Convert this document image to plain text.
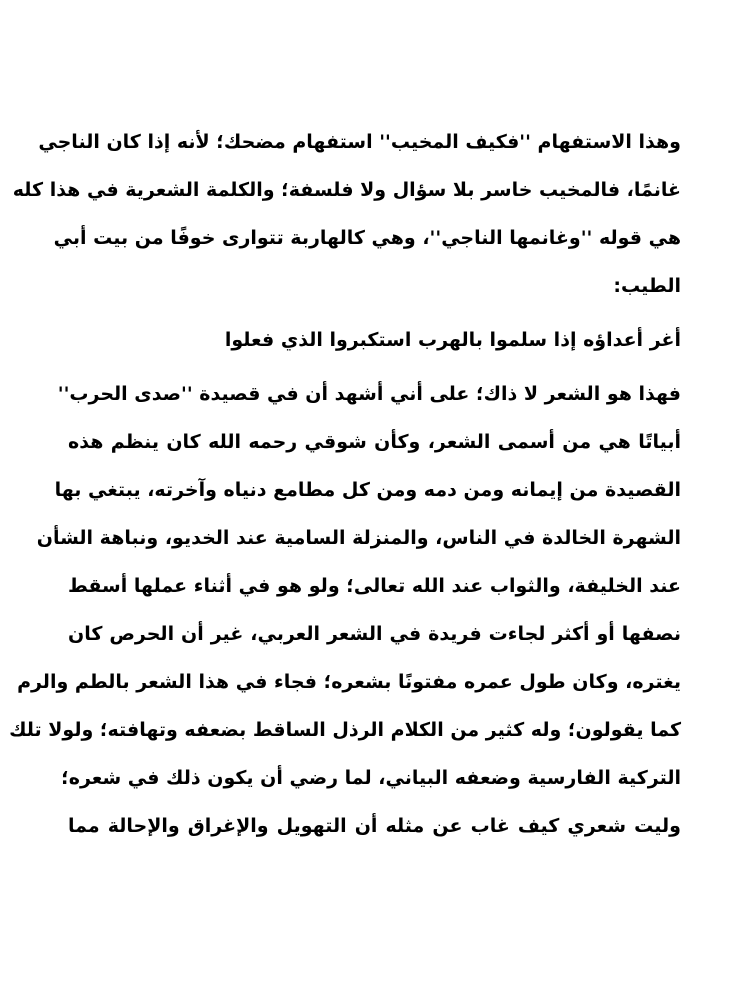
وهذا الاستفهام ''فكيف المخيب'' استفهام مضحك؛ لأنه إذا كان الناجي
غانمًا، فالمخيب خاسر بلا سؤال ولا فلسفة؛ والكلمة الشعرية في هذا كله
هي قوله ''وغانمها الناجي''، وهي كالهاربة تتوارى خوفًا من بيت أبي
الطيب:
أغر أعداؤه إذا سلموا بالهرب استكبروا الذي فعلوا
فهذا هو الشعر لا ذاك؛ على أني أشهد أن في قصيدة ''صدى الحرب''
أبياتًا هي من أسمى الشعر، وكأن شوقي رحمه الله كان ينظم هذه
القصيدة من إيمانه ومن دمه ومن كل مطامع دنياه وآخرته، يبتغي بها
الشهرة الخالدة في الناس، والمنزلة السامية عند الخديو، ونباهة الشأن
عند الخليفة، والثواب عند الله تعالى؛ ولو هو في أثناء عملها أسقط
نصفها أو أكثر لجاءت فريدة في الشعر العربي، غير أن الحرص كان
يغتره، وكان طول عمره مفتونًا بشعره؛ فجاء في هذا الشعر بالطم والرم
كما يقولون؛ وله كثير من الكلام الرذل الساقط بضعفه وتهافته؛ ولولا تلك
التركية الفارسية وضعفه البياني، لما رضي أن يكون ذلك في شعره؛
وليت شعري كيف غاب عن مثله أن التهويل والإغراق والإحالة مما
